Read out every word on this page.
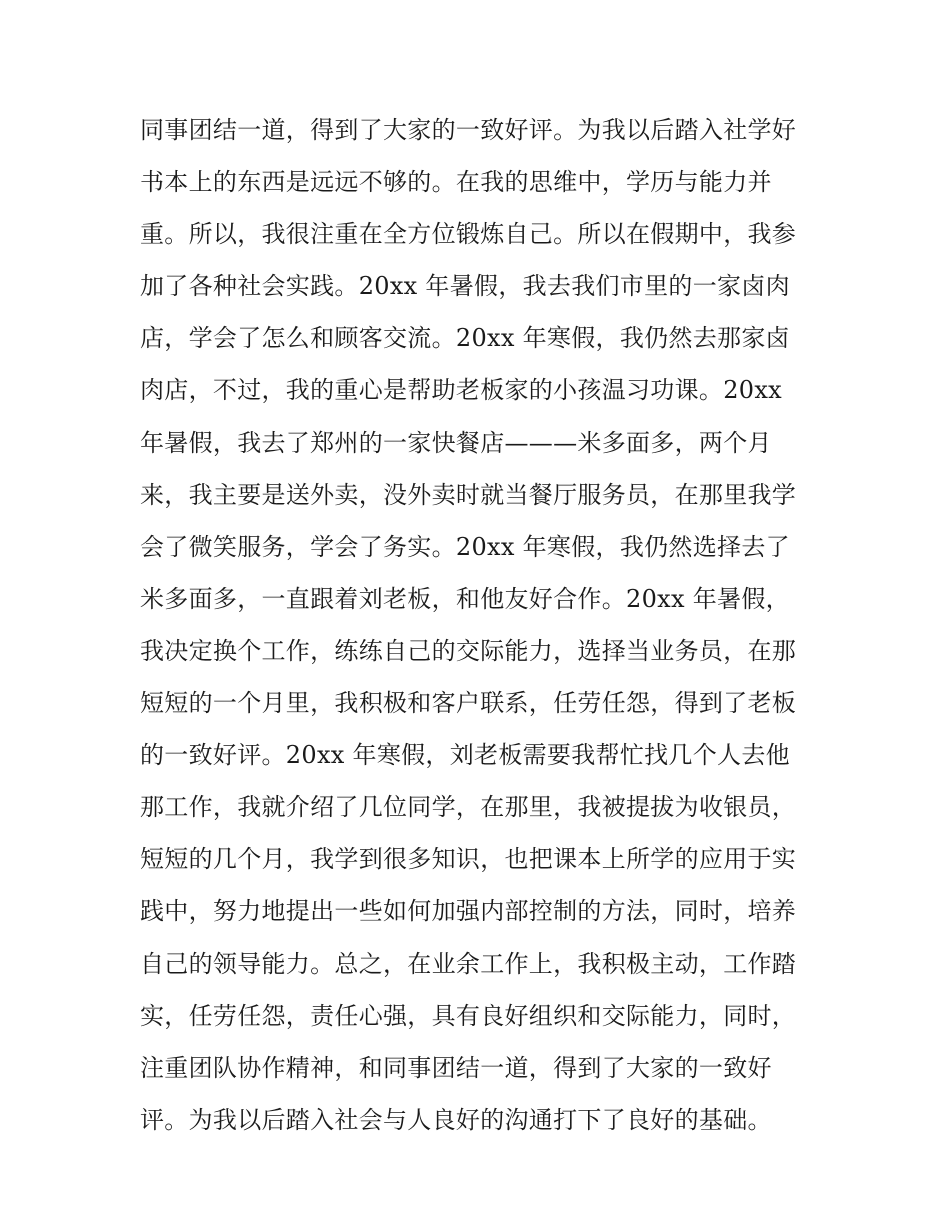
同事团结一道，得到了大家的一致好评。为我以后踏入社学好
书本上的东西是远远不够的。在我的思维中，学历与能力并
重。所以，我很注重在全方位锻炼自己。所以在假期中，我参
加了各种社会实践。20xx 年暑假，我去我们市里的一家卤肉
店，学会了怎么和顾客交流。20xx 年寒假，我仍然去那家卤
肉店，不过，我的重心是帮助老板家的小孩温习功课。20xx
年暑假，我去了郑州的一家快餐店———米多面多，两个月
来，我主要是送外卖，没外卖时就当餐厅服务员，在那里我学
会了微笑服务，学会了务实。20xx 年寒假，我仍然选择去了
米多面多，一直跟着刘老板，和他友好合作。20xx 年暑假，
我决定换个工作，练练自己的交际能力，选择当业务员，在那
短短的一个月里，我积极和客户联系，任劳任怨，得到了老板
的一致好评。20xx 年寒假，刘老板需要我帮忙找几个人去他
那工作，我就介绍了几位同学，在那里，我被提拔为收银员，
短短的几个月，我学到很多知识，也把课本上所学的应用于实
践中，努力地提出一些如何加强内部控制的方法，同时，培养
自己的领导能力。总之，在业余工作上，我积极主动，工作踏
实，任劳任怨，责任心强，具有良好组织和交际能力，同时，
注重团队协作精神，和同事团结一道，得到了大家的一致好
评。为我以后踏入社会与人良好的沟通打下了良好的基础。
